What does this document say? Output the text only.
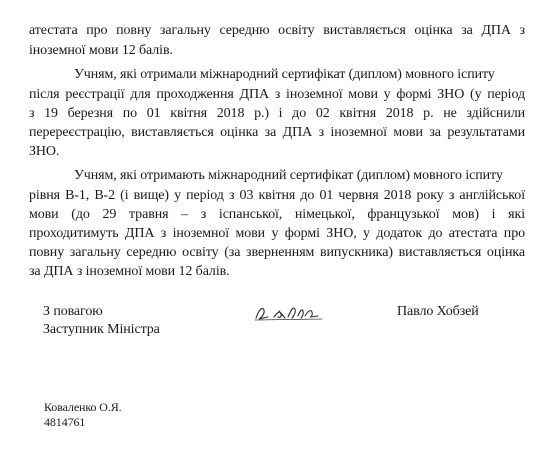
атестата про повну загальну середню освіту виставляється оцінка за ДПА з
іноземної мови 12 балів.
Учням, які отримали міжнародний сертифікат (диплом) мовного іспиту
після реєстрації для проходження ДПА з іноземної мови у формі ЗНО (у період
з 19 березня по 01 квітня 2018 р.) і до 02 квітня 2018 р. не здійснили
перереєстрацію, виставляється оцінка за ДПА з іноземної мови за результатами
ЗНО.
Учням, які отримають міжнародний сертифікат (диплом) мовного іспиту
рівня В-1, В-2 (і вище) у період з 03 квітня до 01 червня 2018 року з англійської
мови (до 29 травня – з іспанської, німецької, французької мов) і які
проходитимуть ДПА з іноземної мови у формі ЗНО, у додаток до атестата про
повну загальну середню освіту (за зверненням випускника) виставляється оцінка
за ДПА з іноземної мови 12 балів.
З повагою
Заступник Міністра
Павло Хобзей
Коваленко О.Я.
4814761
